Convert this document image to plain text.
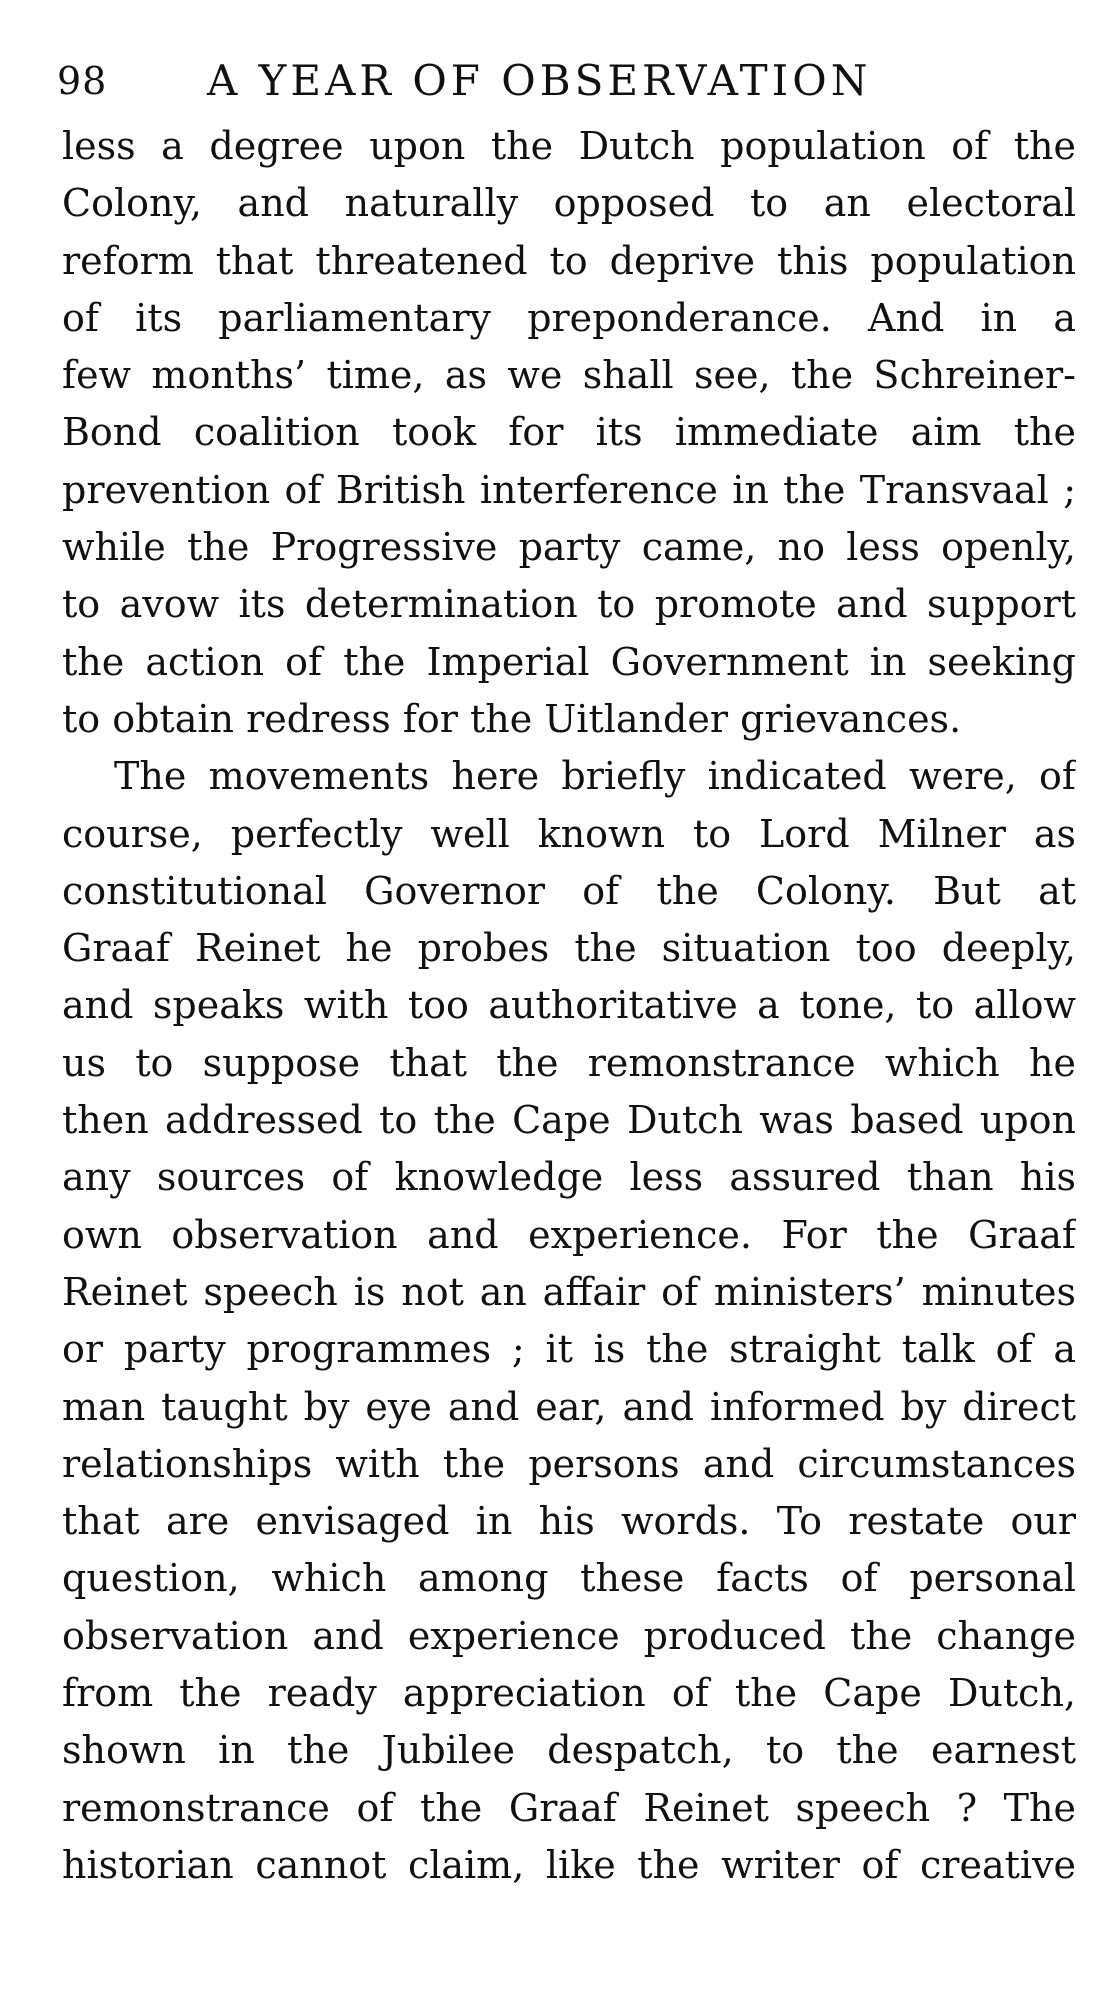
98 A YEAR OF OBSERVATION
less a degree upon the Dutch population of the
Colony, and naturally opposed to an electoral
reform that threatened to deprive this population
of its parliamentary preponderance. And in a
few months’ time, as we shall see, the Schreiner-
Bond coalition took for its immediate aim the
prevention of British interference in the Transvaal ;
while the Progressive party came, no less openly,
to avow its determination to promote and support
the action of the Imperial Government in seeking
to obtain redress for the Uitlander grievances.
The movements here briefly indicated were, of
course, perfectly well known to Lord Milner as
constitutional Governor of the Colony. But at
Graaf Reinet he probes the situation too deeply,
and speaks with too authoritative a tone, to allow
us to suppose that the remonstrance which he
then addressed to the Cape Dutch was based upon
any sources of knowledge less assured than his
own observation and experience. For the Graaf
Reinet speech is not an affair of ministers’ minutes
or party programmes ; it is the straight talk of a
man taught by eye and ear, and informed by direct
relationships with the persons and circumstances
that are envisaged in his words. To restate our
question, which among these facts of personal
observation and experience produced the change
from the ready appreciation of the Cape Dutch,
shown in the Jubilee despatch, to the earnest
remonstrance of the Graaf Reinet speech ? The
historian cannot claim, like the writer of creative
